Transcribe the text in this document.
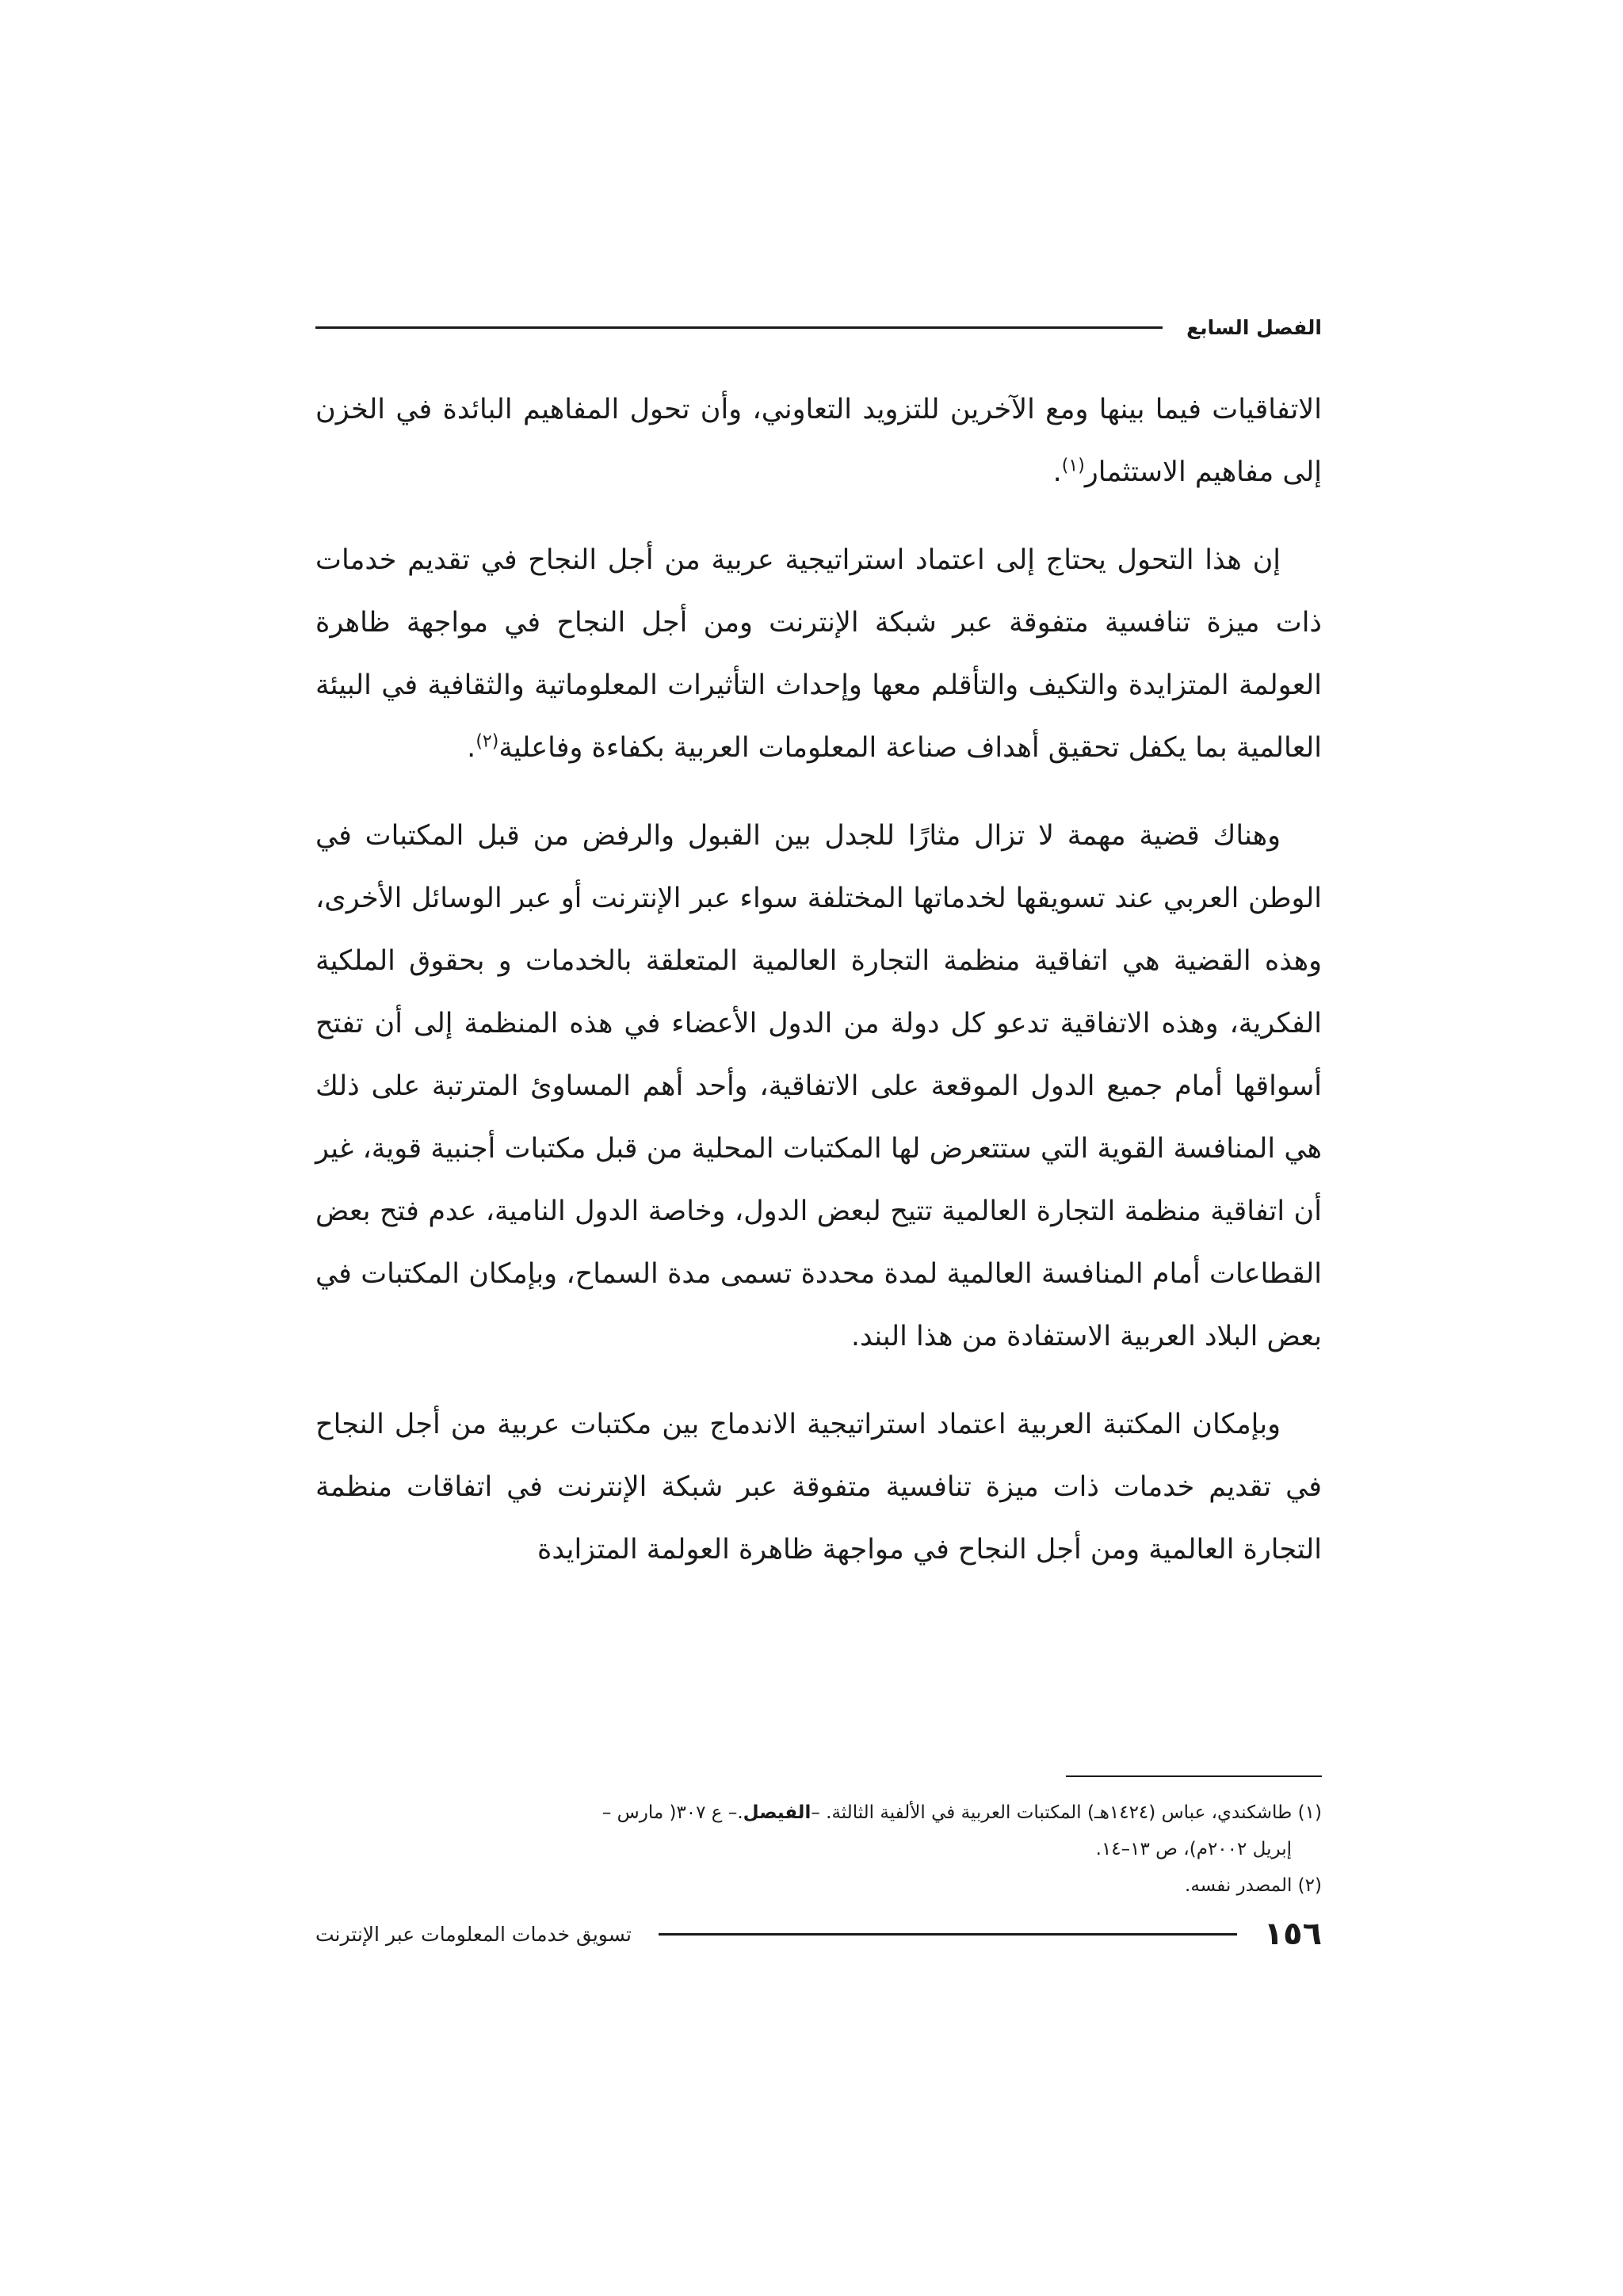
الفصل السابع

الاتفاقيات فيما بينها ومع الآخرين للتزويد التعاوني، وأن تحول المفاهيم البائدة في الخزن إلى مفاهيم الاستثمار$^{(١)}$.

إن هذا التحول يحتاج إلى اعتماد استراتيجية عربية من أجل النجاح في تقديم خدمات ذات ميزة تنافسية متفوقة عبر شبكة الإنترنت ومن أجل النجاح في مواجهة ظاهرة العولمة المتزايدة والتكيف والتأقلم معها وإحداث التأثيرات المعلوماتية والثقافية في البيئة العالمية بما يكفل تحقيق أهداف صناعة المعلومات العربية بكفاءة وفاعلية$^{(٢)}$.

وهناك قضية مهمة لا تزال مثارًا للجدل بين القبول والرفض من قبل المكتبات في الوطن العربي عند تسويقها لخدماتها المختلفة سواء عبر الإنترنت أو عبر الوسائل الأخرى، وهذه القضية هي اتفاقية منظمة التجارة العالمية المتعلقة بالخدمات و بحقوق الملكية الفكرية، وهذه الاتفاقية تدعو كل دولة من الدول الأعضاء في هذه المنظمة إلى أن تفتح أسواقها أمام جميع الدول الموقعة على الاتفاقية، وأحد أهم المساوئ المترتبة على ذلك هي المنافسة القوية التي ستتعرض لها المكتبات المحلية من قبل مكتبات أجنبية قوية، غير أن اتفاقية منظمة التجارة العالمية تتيح لبعض الدول، وخاصة الدول النامية، عدم فتح بعض القطاعات أمام المنافسة العالمية لمدة محددة تسمى مدة السماح، وبإمكان المكتبات في بعض البلاد العربية الاستفادة من هذا البند.

وبإمكان المكتبة العربية اعتماد استراتيجية الاندماج بين مكتبات عربية من أجل النجاح في تقديم خدمات ذات ميزة تنافسية متفوقة عبر شبكة الإنترنت في اتفاقات منظمة التجارة العالمية ومن أجل النجاح في مواجهة ظاهرة العولمة المتزايدة

(١) طاشكندي، عباس (١٤٢٤هـ) المكتبات العربية في الألفية الثالثة. –الفيصل.– ع ٣٠٧( مارس –

إبريل ٢٠٠٢م)، ص ١٣–١٤.

(٢) المصدر نفسه.

١٥٦
تسويق خدمات المعلومات عبر الإنترنت
